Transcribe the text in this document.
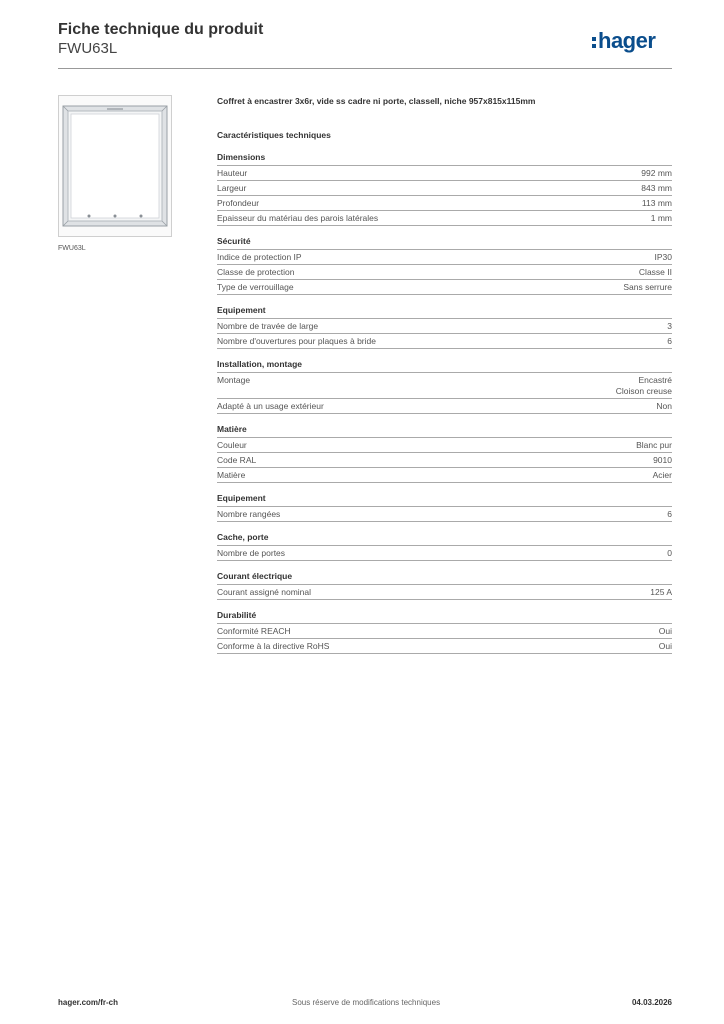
Fiche technique du produit
FWU63L	hager
FWU63L
Coffret à encastrer 3x6r, vide ss cadre ni porte, classeII, niche 957x815x115mm
Caractéristiques techniques
Dimensions
Hauteur	992 mm
Largeur	843 mm
Profondeur	113 mm
Epaisseur du matériau des parois latérales	1 mm
Sécurité
Indice de protection IP	IP30
Classe de protection	Classe II
Type de verrouillage	Sans serrure
Equipement
Nombre de travée de large	3
Nombre d'ouvertures pour plaques à bride	6
Installation, montage
Montage	Encastré
Cloison creuse
Adapté à un usage extérieur	Non
Matière
Couleur	Blanc pur
Code RAL	9010
Matière	Acier
Equipement
Nombre rangées	6
Cache, porte
Nombre de portes	0
Courant électrique
Courant assigné nominal	125 A
Durabilité
Conformité REACH	Oui
Conforme à la directive RoHS	Oui
hager.com/fr-ch	Sous réserve de modifications techniques	04.03.2026
